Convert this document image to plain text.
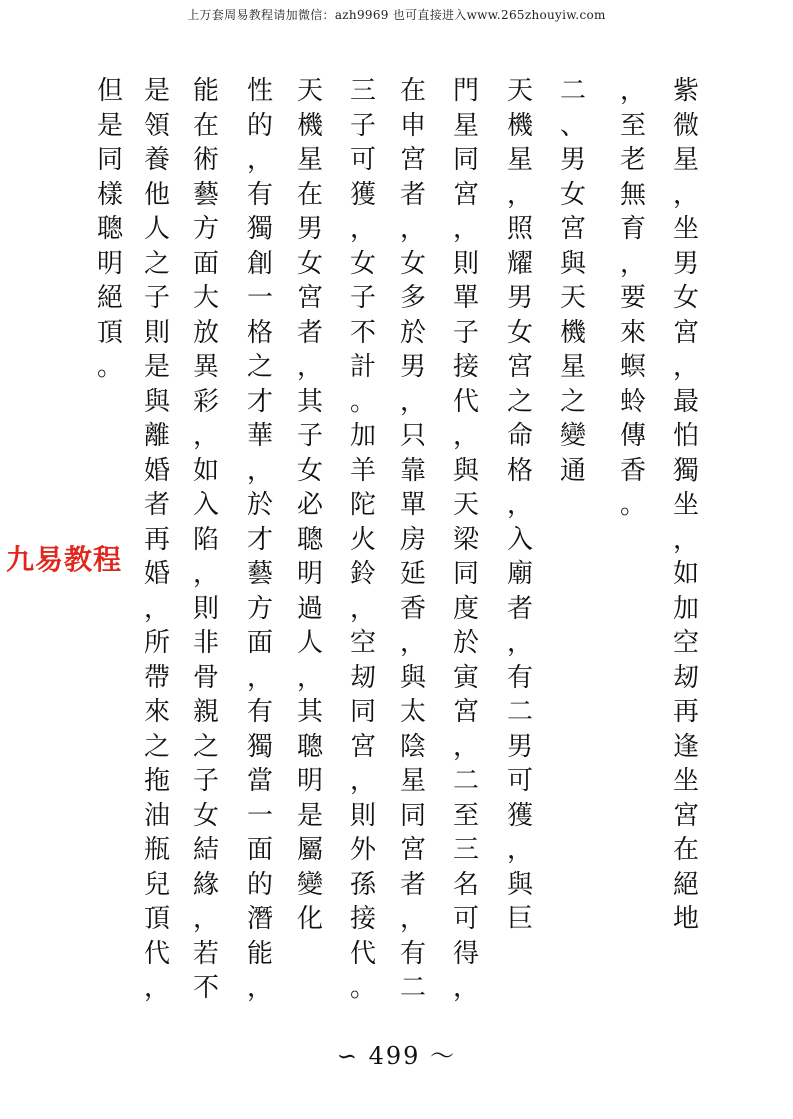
上万套周易教程请加微信：azh9969 也可直接进入www.265zhouyiw.com
紫
微
星
，
坐
男
女
宮
，
最
怕
獨
坐
，
如
加
空
刼
再
逢
坐
宮
在
絕
地
，
至
老
無
育
，
要
來
螟
蛉
傳
香
。
二
、
男
女
宮
與
天
機
星
之
變
通
天
機
星
，
照
耀
男
女
宮
之
命
格
，
入
廟
者
，
有
二
男
可
獲
，
與
巨
門
星
同
宮
，
則
單
子
接
代
，
與
天
梁
同
度
於
寅
宮
，
二
至
三
名
可
得
，
在
申
宮
者
，
女
多
於
男
，
只
靠
單
房
延
香
，
與
太
陰
星
同
宮
者
，
有
二
三
子
可
獲
，
女
子
不
計
。
加
羊
陀
火
鈴
，
空
刼
同
宮
，
則
外
孫
接
代
。
天
機
星
在
男
女
宮
者
，
其
子
女
必
聰
明
過
人
，
其
聰
明
是
屬
變
化
性
的
，
有
獨
創
一
格
之
才
華
，
於
才
藝
方
面
，
有
獨
當
一
面
的
潛
能
，
能
在
術
藝
方
面
大
放
異
彩
，
如
入
陷
，
則
非
骨
親
之
子
女
結
緣
，
若
不
是
領
養
他
人
之
子
則
是
與
離
婚
者
再
婚
，
所
帶
來
之
拖
油
瓶
兒
頂
代
，
但
是
同
樣
聰
明
絕
頂
。
九易教程
∽ 499 ～
